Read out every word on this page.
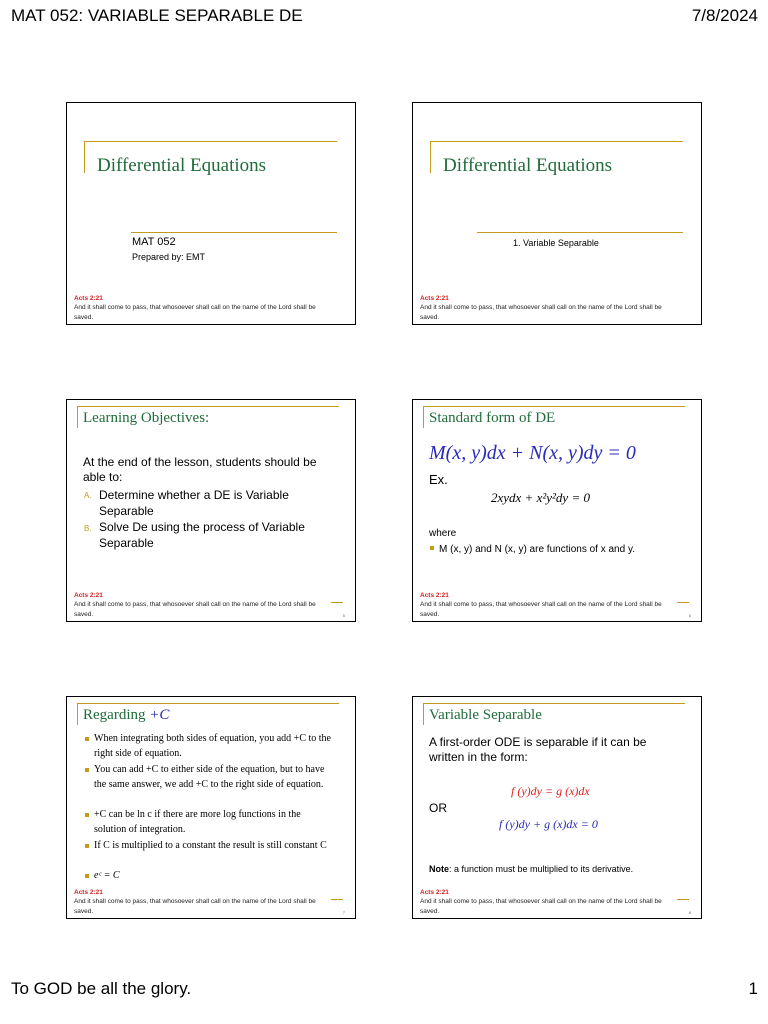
MAT 052: VARIABLE SEPARABLE DE	7/8/2024
To GOD be all the glory.	1
Differential Equations
MAT 052
Prepared by: EMT
Acts 2:21
And it shall come to pass, that whosoever shall call on the name of the Lord shall be saved.
Differential Equations
1. Variable Separable
Acts 2:21
And it shall come to pass, that whosoever shall call on the name of the Lord shall be saved.
Learning Objectives:
At the end of the lesson, students should be able to:
A. Determine whether a DE is Variable Separable
B. Solve De using the process of Variable Separable
Acts 2:21
And it shall come to pass, that whosoever shall call on the name of the Lord shall be saved.	5
Standard form of DE
M(x, y)dx + N(x, y)dy = 0
Ex.
2xydx + x²y²dy = 0
where
M (x, y) and N (x, y) are functions of x and y.
Acts 2:21
And it shall come to pass, that whosoever shall call on the name of the Lord shall be saved.	6
Regarding +C
When integrating both sides of equation, you add +C to the right side of equation.
You can add +C to either side of the equation, but to have the same answer, we add +C to the right side of equation.
+C can be ln c if there are more log functions in the solution of integration.
If C is multiplied to a constant the result is still constant C
eᶜ = C
Acts 2:21
And it shall come to pass, that whosoever shall call on the name of the Lord shall be saved.	7
Variable Separable
A first-order ODE is separable if it can be written in the form:
f (y)dy = g (x)dx
OR
f (y)dy + g (x)dx = 0
Note: a function must be multiplied to its derivative.
Acts 2:21
And it shall come to pass, that whosoever shall call on the name of the Lord shall be saved.	8
